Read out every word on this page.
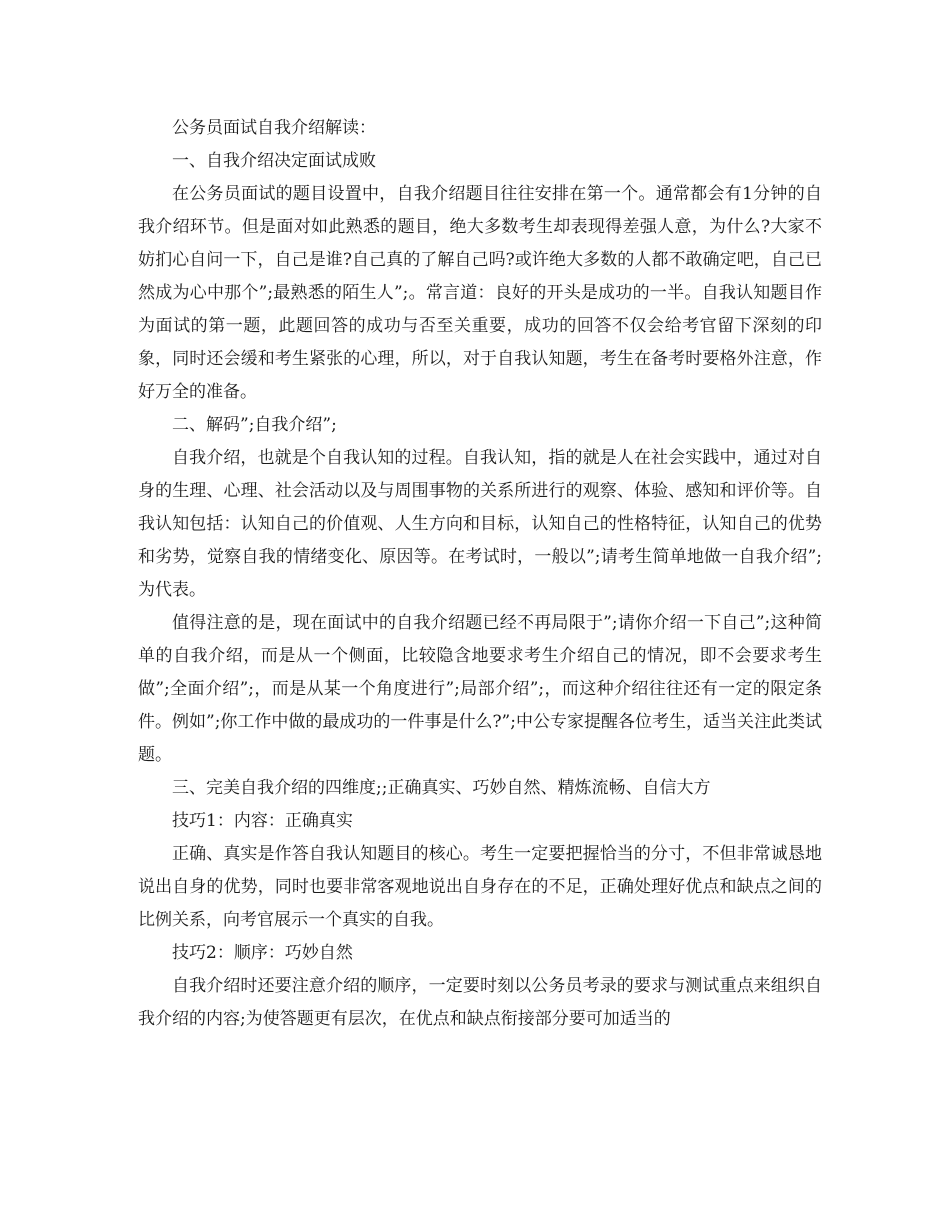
公务员面试自我介绍解读：

一、自我介绍决定面试成败

在公务员面试的题目设置中，自我介绍题目往往安排在第一个。通常都会有1分钟的自我介绍环节。但是面对如此熟悉的题目，绝大多数考生却表现得差强人意，为什么?大家不妨扪心自问一下，自己是谁?自己真的了解自己吗?或许绝大多数的人都不敢确定吧，自己已然成为心中那个”;最熟悉的陌生人”;。常言道：良好的开头是成功的一半。自我认知题目作为面试的第一题，此题回答的成功与否至关重要，成功的回答不仅会给考官留下深刻的印象，同时还会缓和考生紧张的心理，所以，对于自我认知题，考生在备考时要格外注意，作好万全的准备。

二、解码”;自我介绍”;

自我介绍，也就是个自我认知的过程。自我认知，指的就是人在社会实践中，通过对自身的生理、心理、社会活动以及与周围事物的关系所进行的观察、体验、感知和评价等。自我认知包括：认知自己的价值观、人生方向和目标，认知自己的性格特征，认知自己的优势和劣势，觉察自我的情绪变化、原因等。在考试时，一般以”;请考生简单地做一自我介绍”;为代表。

值得注意的是，现在面试中的自我介绍题已经不再局限于”;请你介绍一下自己”;这种简单的自我介绍，而是从一个侧面，比较隐含地要求考生介绍自己的情况，即不会要求考生做”;全面介绍”;，而是从某一个角度进行”;局部介绍”;，而这种介绍往往还有一定的限定条件。例如”;你工作中做的最成功的一件事是什么?”;中公专家提醒各位考生，适当关注此类试题。

三、完美自我介绍的四维度;;正确真实、巧妙自然、精炼流畅、自信大方

技巧1：内容：正确真实

正确、真实是作答自我认知题目的核心。考生一定要把握恰当的分寸，不但非常诚恳地说出自身的优势，同时也要非常客观地说出自身存在的不足，正确处理好优点和缺点之间的比例关系，向考官展示一个真实的自我。

技巧2：顺序：巧妙自然

自我介绍时还要注意介绍的顺序，一定要时刻以公务员考录的要求与测试重点来组织自我介绍的内容;为使答题更有层次，在优点和缺点衔接部分要可加适当的
